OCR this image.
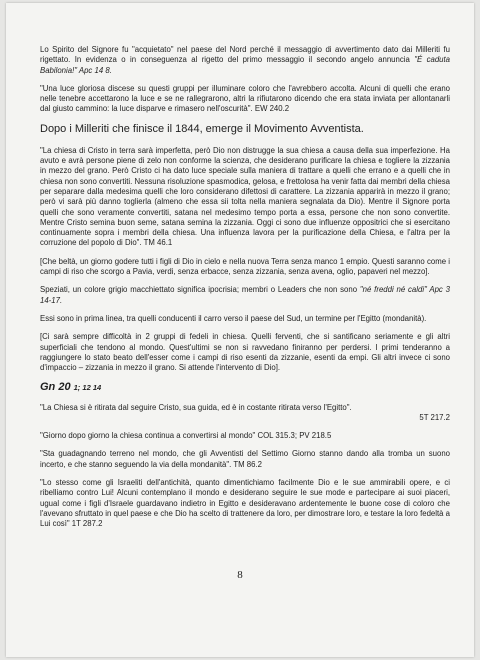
Lo Spirito del Signore fu "acquietato" nel paese del Nord perché il messaggio di avvertimento dato dai Milleriti fu rigettato. In evidenza o in conseguenza al rigetto del primo messaggio il secondo angelo annuncia "É caduta Babilonia!" Apc 14 8.

"Una luce gloriosa discese su questi gruppi per illuminare coloro che l'avrebbero accolta. Alcuni di quelli che erano nelle tenebre accettarono la luce e se ne rallegrarono, altri la rifiutarono dicendo che era stata inviata per allontanarli dal giusto cammino: la luce disparve e rimasero nell'oscurità". EW 240.2

Dopo i Milleriti che finisce il 1844, emerge il Movimento Avventista.

"La chiesa di Cristo in terra sarà imperfetta, però Dio non distrugge la sua chiesa a causa della sua imperfezione. Ha avuto e avrà persone piene di zelo non conforme la scienza, che desiderano purificare la chiesa e togliere la zizzania in mezzo del grano. Però Cristo ci ha dato luce speciale sulla maniera di trattare a quelli che errano e a quelli che in chiesa non sono convertiti. Nessuna risoluzione spasmodica, gelosa, e frettolosa ha venir fatta dai membri della chiesa per separare dalla medesima quelli che loro considerano difettosi di carattere. La zizzania apparirà in mezzo il grano; però vi sarà più danno toglierla (almeno che essa sii tolta nella maniera segnalata da Dio). Mentre il Signore porta quelli che sono veramente convertiti, satana nel medesimo tempo porta a essa, persone che non sono convertite. Mentre Cristo semina buon seme, satana semina la zizzania. Oggi ci sono due influenze oppositrici che si esercitano continuamente sopra i membri della chiesa. Una influenza lavora per la purificazione della Chiesa, e l'altra per la corruzione del popolo di Dio". TM 46.1

[Che beltà, un giorno godere tutti i figli di Dio in cielo e nella nuova Terra senza manco 1 empio. Questi saranno come i campi di riso che scorgo a Pavia, verdi, senza erbacce, senza zizzania, senza avena, oglio, papaveri nel mezzo].

Speziati, un colore grigio macchiettato significa ipocrisia; membri o Leaders che non sono "né freddi né caldi" Apc 3 14-17.

Essi sono in prima linea, tra quelli conducenti il carro verso il paese del Sud, un termine per l'Egitto (mondanità).

[Ci sarà sempre difficoltà in 2 gruppi di fedeli in chiesa. Quelli ferventi, che si santificano seriamente e gli altri superficiali che tendono al mondo. Quest'ultimi se non si ravvedano finiranno per perdersi. I primi tenderanno a raggiungere lo stato beato dell'esser come i campi di riso esenti da zizzanie, esenti da empi. Gli altri invece ci sono d'impaccio – zizzania in mezzo il grano. Si attende l'intervento di Dio].

Gn 20 1; 12 14

"La Chiesa si è ritirata dal seguire Cristo, sua guida, ed è in costante ritirata verso l'Egitto".

5T 217.2

"Giorno dopo giorno la chiesa continua a convertirsi al mondo" COL 315.3; PV 218.5

"Sta guadagnando terreno nel mondo, che gli Avventisti del Settimo Giorno stanno dando alla tromba un suono incerto, e che stanno seguendo la via della mondanità". TM 86.2

"Lo stesso come gli Israeliti dell'antichità, quanto dimentichiamo facilmente Dio e le sue ammirabili opere, e ci ribelliamo contro Lui! Alcuni contemplano il mondo e desiderano seguire le sue mode e partecipare ai suoi piaceri, ugual come i figli d'Israele guardavano indietro in Egitto e desideravano ardentemente le buone cose di coloro che l'avevano sfruttato in quel paese e che Dio ha scelto di trattenere da loro, per dimostrare loro, e testare la loro fedeltà a Lui così" 1T 287.2

8
